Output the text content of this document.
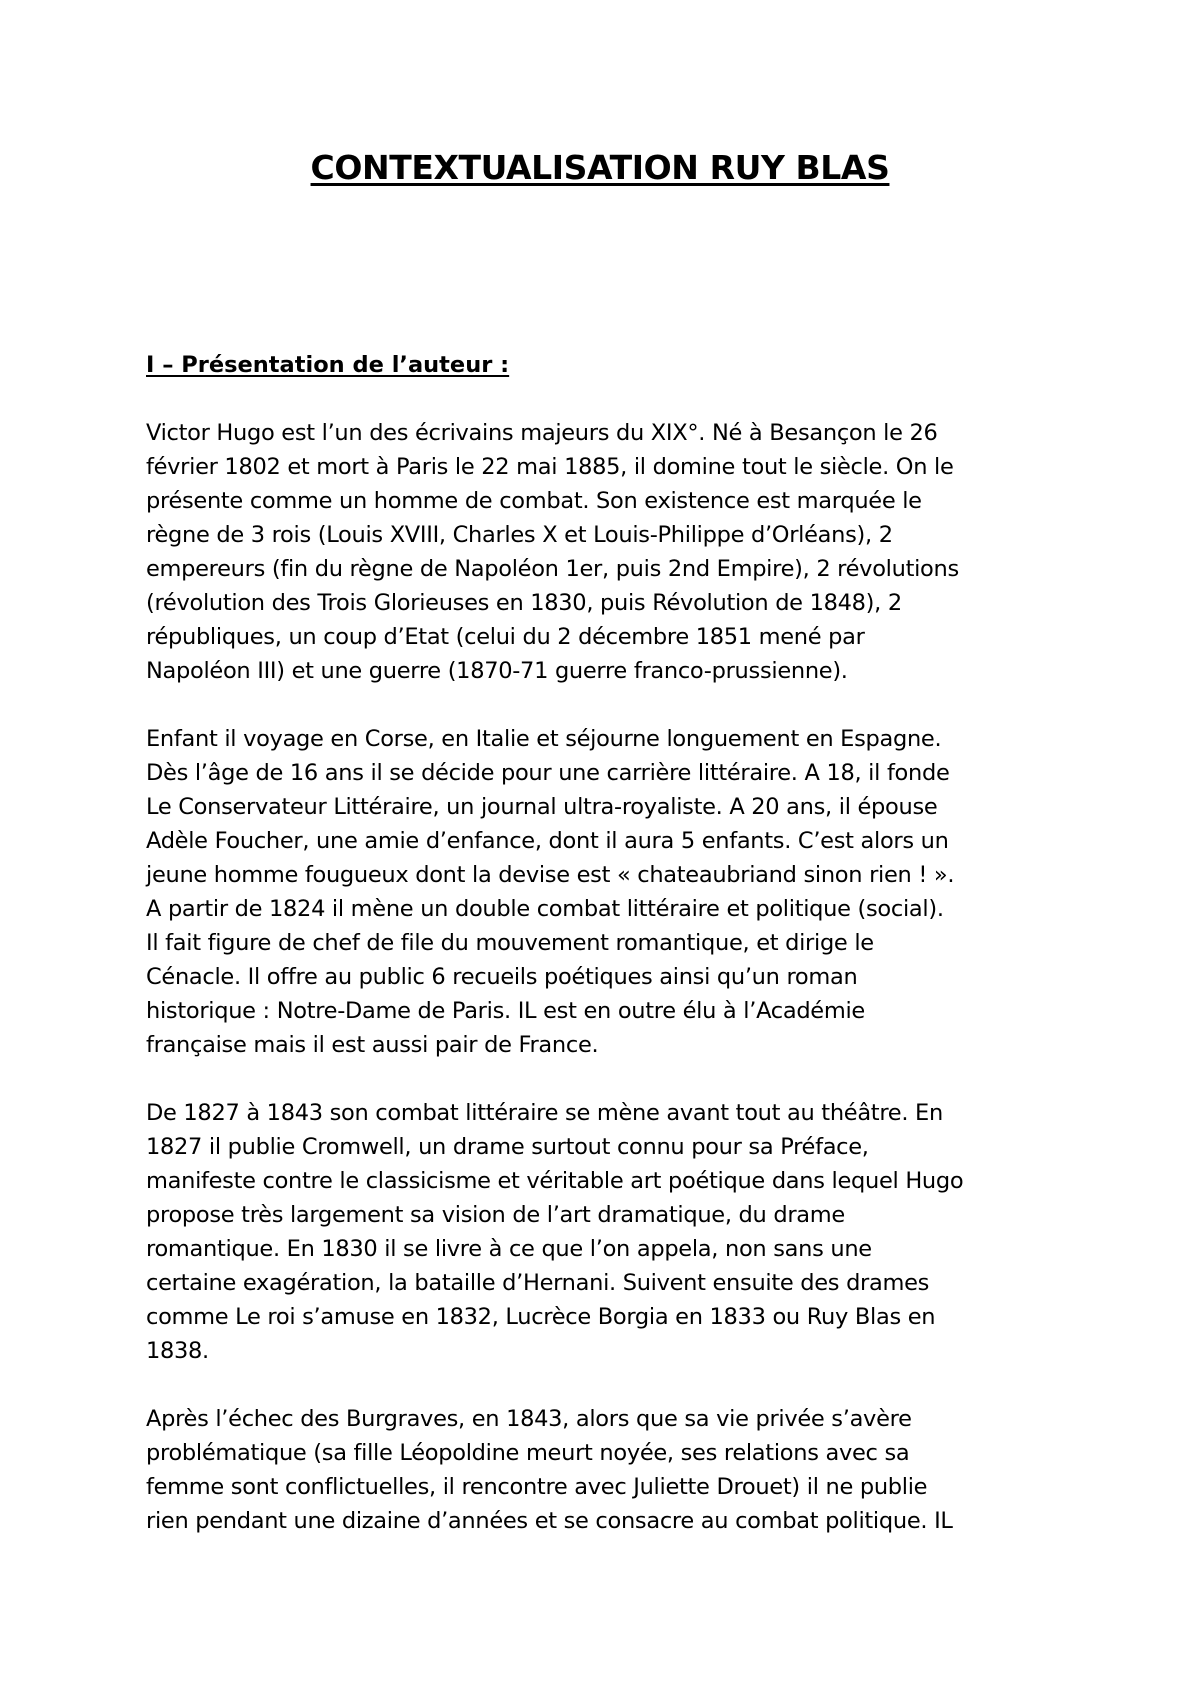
CONTEXTUALISATION RUY BLAS
I – Présentation de l’auteur :

Victor Hugo est l’un des écrivains majeurs du XIX°. Né à Besançon le 26
février 1802 et mort à Paris le 22 mai 1885, il domine tout le siècle. On le
présente comme un homme de combat. Son existence est marquée le
règne de 3 rois (Louis XVIII, Charles X et Louis-Philippe d’Orléans), 2
empereurs (fin du règne de Napoléon 1er, puis 2nd Empire), 2 révolutions
(révolution des Trois Glorieuses en 1830, puis Révolution de 1848), 2
républiques, un coup d’Etat (celui du 2 décembre 1851 mené par
Napoléon III) et une guerre (1870-71 guerre franco-prussienne).

Enfant il voyage en Corse, en Italie et séjourne longuement en Espagne.
Dès l’âge de 16 ans il se décide pour une carrière littéraire. A 18, il fonde
Le Conservateur Littéraire, un journal ultra-royaliste. A 20 ans, il épouse
Adèle Foucher, une amie d’enfance, dont il aura 5 enfants. C’est alors un
jeune homme fougueux dont la devise est « chateaubriand sinon rien ! ».
A partir de 1824 il mène un double combat littéraire et politique (social).
Il fait figure de chef de file du mouvement romantique, et dirige le
Cénacle. Il offre au public 6 recueils poétiques ainsi qu’un roman
historique : Notre-Dame de Paris. IL est en outre élu à l’Académie
française mais il est aussi pair de France.

De 1827 à 1843 son combat littéraire se mène avant tout au théâtre. En
1827 il publie Cromwell, un drame surtout connu pour sa Préface,
manifeste contre le classicisme et véritable art poétique dans lequel Hugo
propose très largement sa vision de l’art dramatique, du drame
romantique. En 1830 il se livre à ce que l’on appela, non sans une
certaine exagération, la bataille d’Hernani. Suivent ensuite des drames
comme Le roi s’amuse en 1832, Lucrèce Borgia en 1833 ou Ruy Blas en
1838.

Après l’échec des Burgraves, en 1843, alors que sa vie privée s’avère
problématique (sa fille Léopoldine meurt noyée, ses relations avec sa
femme sont conflictuelles, il rencontre avec Juliette Drouet) il ne publie
rien pendant une dizaine d’années et se consacre au combat politique. IL
